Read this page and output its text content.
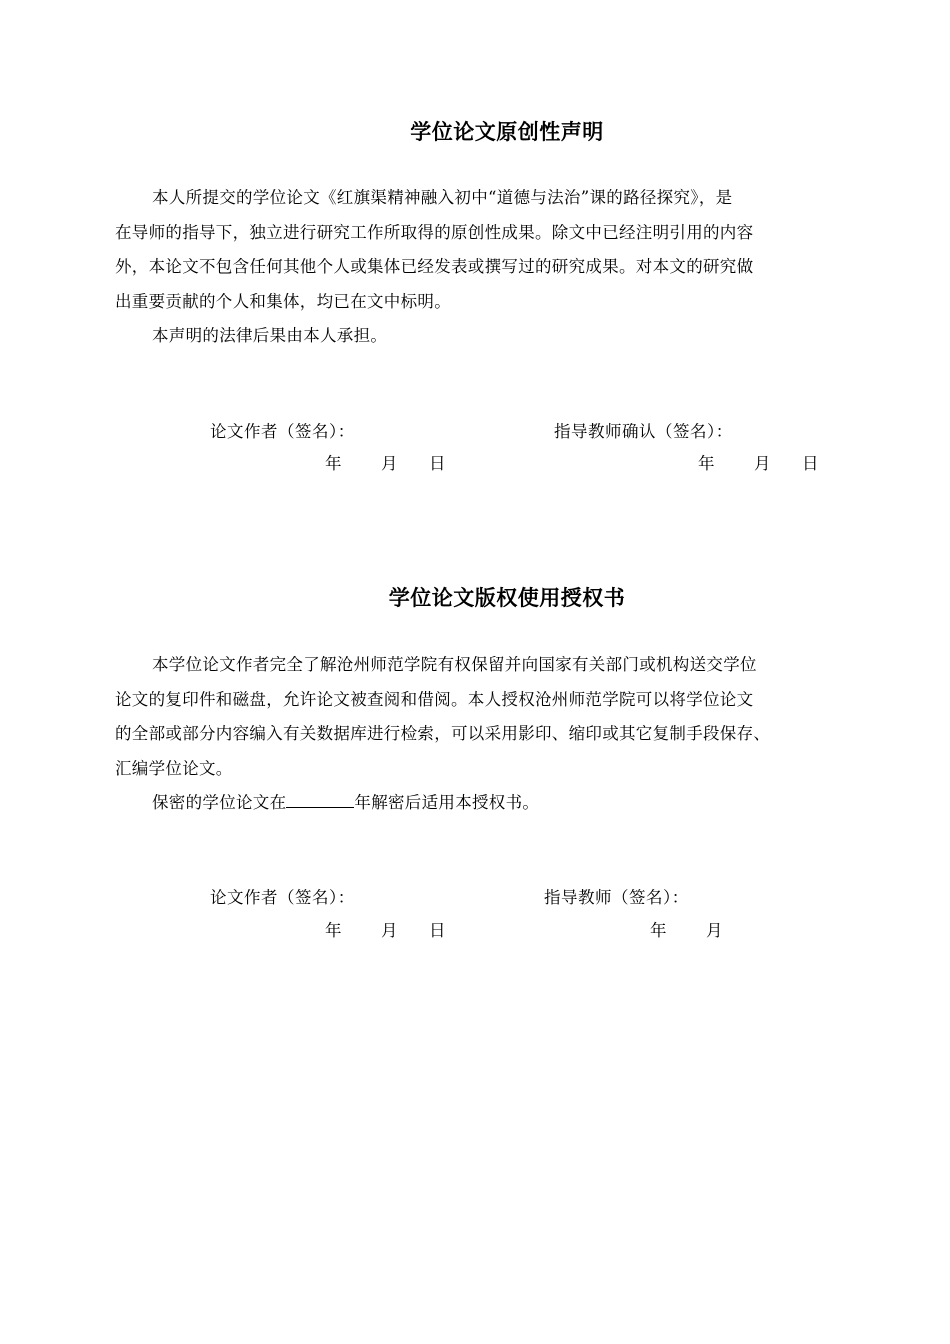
学位论文原创性声明
本人所提交的学位论文《红旗渠精神融入初中“道德与法治”课的路径探究》，是
在导师的指导下，独立进行研究工作所取得的原创性成果。除文中已经注明引用的内容
外，本论文不包含任何其他个人或集体已经发表或撰写过的研究成果。对本文的研究做
出重要贡献的个人和集体，均已在文中标明。
本声明的法律后果由本人承担。

论文作者（签名）：	指导教师确认（签名）：

年 月 日	年 月 日
学位论文版权使用授权书
本学位论文作者完全了解沧州师范学院有权保留并向国家有关部门或机构送交学位
论文的复印件和磁盘，允许论文被查阅和借阅。本人授权沧州师范学院可以将学位论文
的全部或部分内容编入有关数据库进行检索，可以采用影印、缩印或其它复制手段保存、
汇编学位论文。
保密的学位论文在	年解密后适用本授权书。

论文作者（签名）：	指导教师（签名）：

年 月 日	年 月
